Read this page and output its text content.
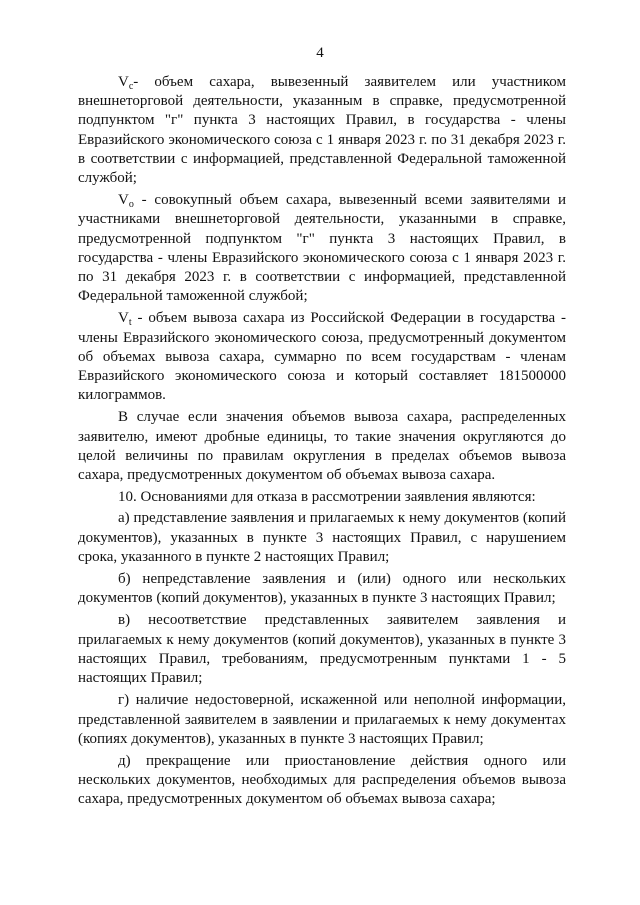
4

$V_c-$ объем сахара, вывезенный заявителем или участником внешнеторговой деятельности, указанным в справке, предусмотренной подпунктом "г" пункта 3 настоящих Правил, в государства - члены Евразийского экономического союза с 1 января 2023 г. по 31 декабря 2023 г. в соответствии с информацией, представленной Федеральной таможенной службой;

$V_o$ - совокупный объем сахара, вывезенный всеми заявителями и участниками внешнеторговой деятельности, указанными в справке, предусмотренной подпунктом "г" пункта 3 настоящих Правил, в государства - члены Евразийского экономического союза с 1 января 2023 г. по 31 декабря 2023 г. в соответствии с информацией, представленной Федеральной таможенной службой;

$V_t$ - объем вывоза сахара из Российской Федерации в государства - члены Евразийского экономического союза, предусмотренный документом об объемах вывоза сахара, суммарно по всем государствам - членам Евразийского экономического союза и который составляет 181500000 килограммов.

В случае если значения объемов вывоза сахара, распределенных заявителю, имеют дробные единицы, то такие значения округляются до целой величины по правилам округления в пределах объемов вывоза сахара, предусмотренных документом об объемах вывоза сахара.

10. Основаниями для отказа в рассмотрении заявления являются:

а) представление заявления и прилагаемых к нему документов (копий документов), указанных в пункте 3 настоящих Правил, с нарушением срока, указанного в пункте 2 настоящих Правил;

б) непредставление заявления и (или) одного или нескольких документов (копий документов), указанных в пункте 3 настоящих Правил;

в) несоответствие представленных заявителем заявления и прилагаемых к нему документов (копий документов), указанных в пункте 3 настоящих Правил, требованиям, предусмотренным пунктами 1 - 5 настоящих Правил;

г) наличие недостоверной, искаженной или неполной информации, представленной заявителем в заявлении и прилагаемых к нему документах (копиях документов), указанных в пункте 3 настоящих Правил;

д) прекращение или приостановление действия одного или нескольких документов, необходимых для распределения объемов вывоза сахара, предусмотренных документом об объемах вывоза сахара;
